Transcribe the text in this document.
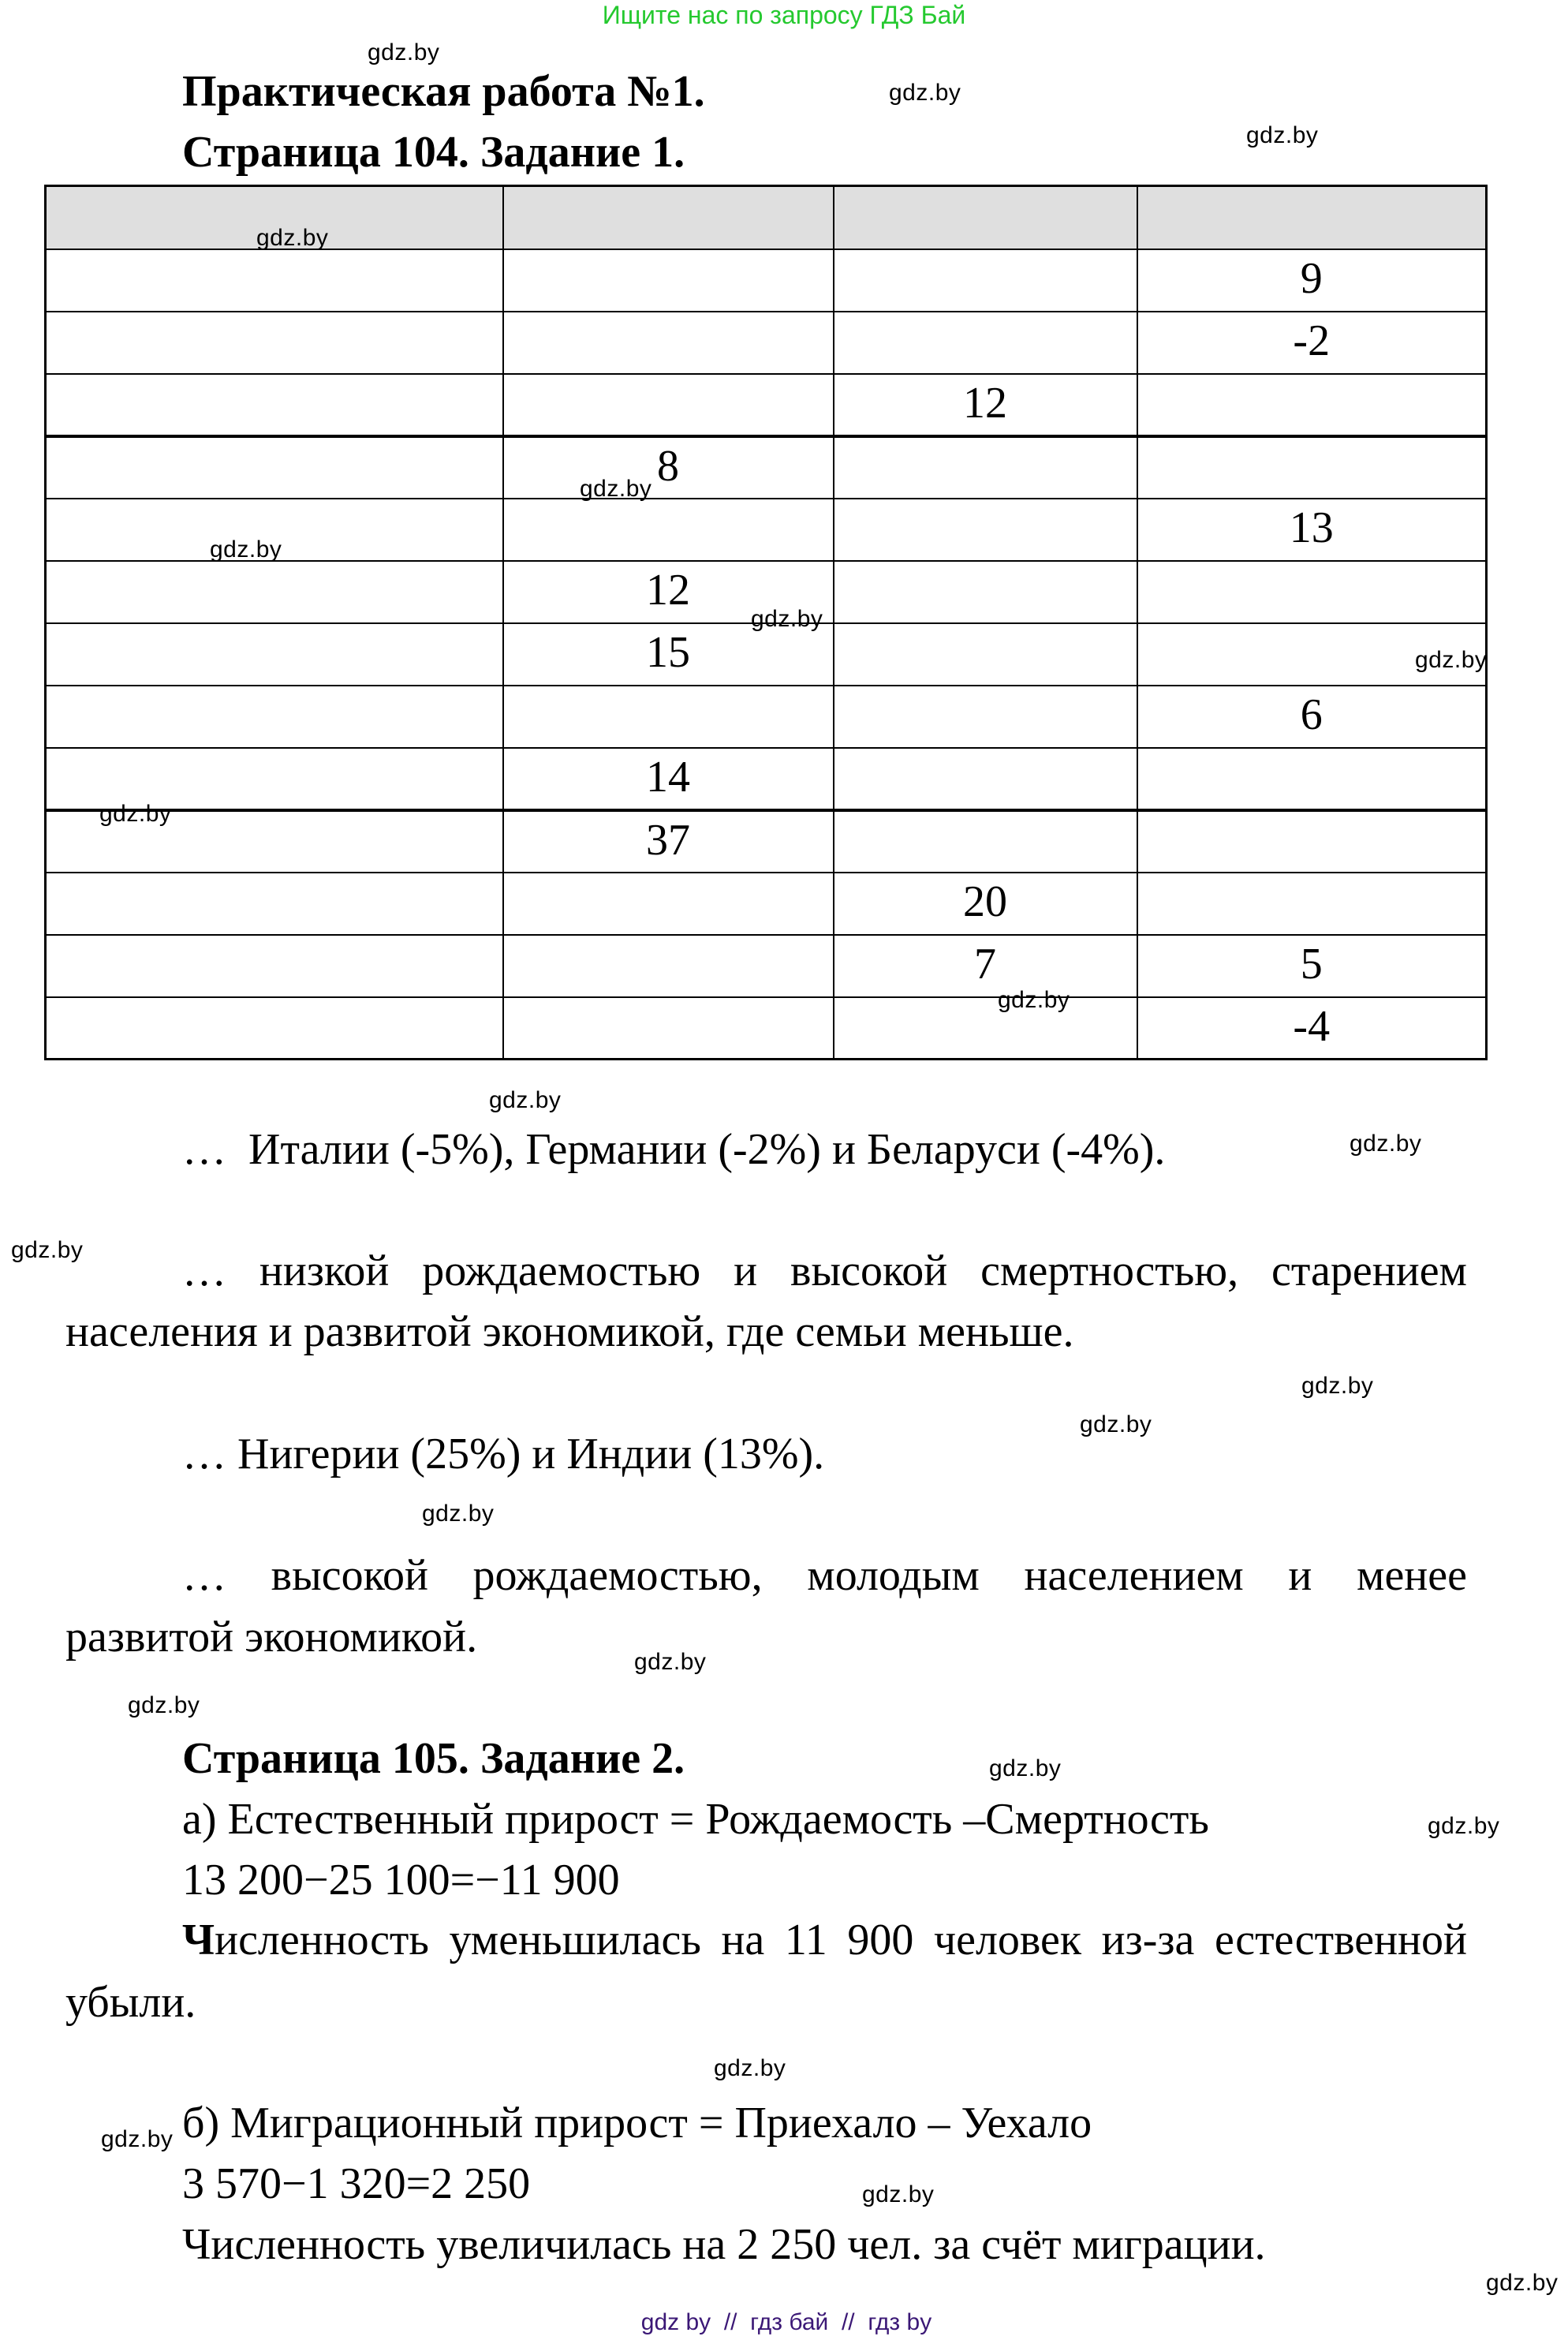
Ищите нас по запросу ГДЗ Бай
Практическая работа №1.
Страница 104. Задание 1.

			9
			-2
		12	
	8		
			13
	12		
	15		
			6
	14		
	37		
		20	
		7	5
			-4
…  Италии (-5%), Германии (-2%) и Беларуси (-4%).
… низкой рождаемостью и высокой смертностью, старением
населения и развитой экономикой, где семьи меньше.
… Нигерии (25%) и Индии (13%).
… высокой рождаемостью, молодым населением и менее
развитой экономикой.
Страница 105. Задание 2.
а) Естественный прирост = Рождаемость –Смертность
13 200−25 100=−11 900
Численность уменьшилась на 11 900 человек из-за естественной
убыли.
б) Миграционный прирост = Приехало – Уехало
3 570−1 320=2 250
Численность увеличилась на 2 250 чел. за счёт миграции.
gdz.by
gdz.by
gdz.by
gdz.by
gdz.by
gdz.by
gdz.by
gdz.by
gdz.by
gdz.by
gdz.by
gdz.by
gdz.by
gdz.by
gdz.by
gdz.by
gdz.by
gdz.by
gdz.by
gdz.by
gdz.by
gdz.by
gdz.by
gdz.by
gdz by  //  гдз бай  //  гдз by
